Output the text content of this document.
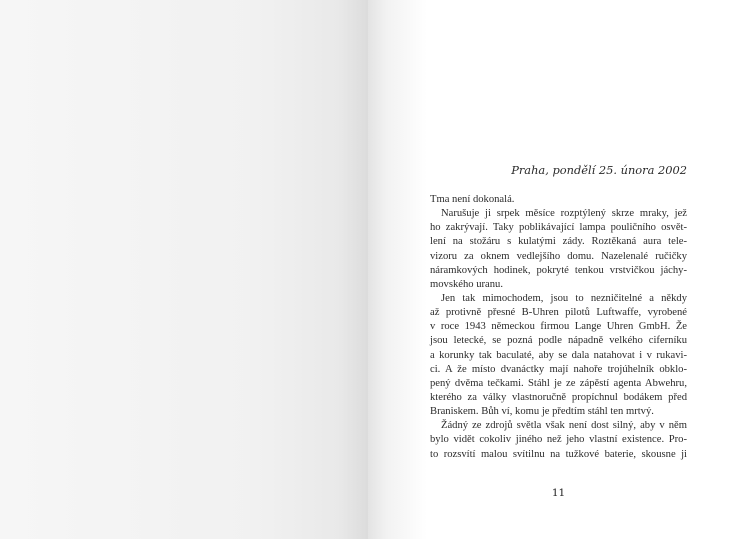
Praha, pondělí 25. února 2002
Tma není dokonalá.
Narušuje ji srpek měsíce rozptýlený skrze mraky, jež
ho zakrývají. Taky poblikávající lampa pouličního osvět-
lení na stožáru s kulatými zády. Roztěkaná aura tele-
vizoru za oknem vedlejšího domu. Nazelenalé ručičky
náramkových hodinek, pokryté tenkou vrstvičkou jáchy-
movského uranu.
Jen tak mimochodem, jsou to nezničitelné a někdy
až protivně přesné B-Uhren pilotů Luftwaffe, vyrobené
v roce 1943 německou firmou Lange Uhren GmbH. Že
jsou letecké, se pozná podle nápadně velkého ciferníku
a korunky tak baculaté, aby se dala natahovat i v rukavi-
ci. A že místo dvanáctky mají nahoře trojúhelník obklo-
pený dvěma tečkami. Stáhl je ze zápěstí agenta Abwehru,
kterého za války vlastnoručně propíchnul bodákem před
Braniskem. Bůh ví, komu je předtím stáhl ten mrtvý.
Žádný ze zdrojů světla však není dost silný, aby v něm
bylo vidět cokoliv jiného než jeho vlastní existence. Pro-
to rozsvítí malou svítilnu na tužkové baterie, skousne ji
11
